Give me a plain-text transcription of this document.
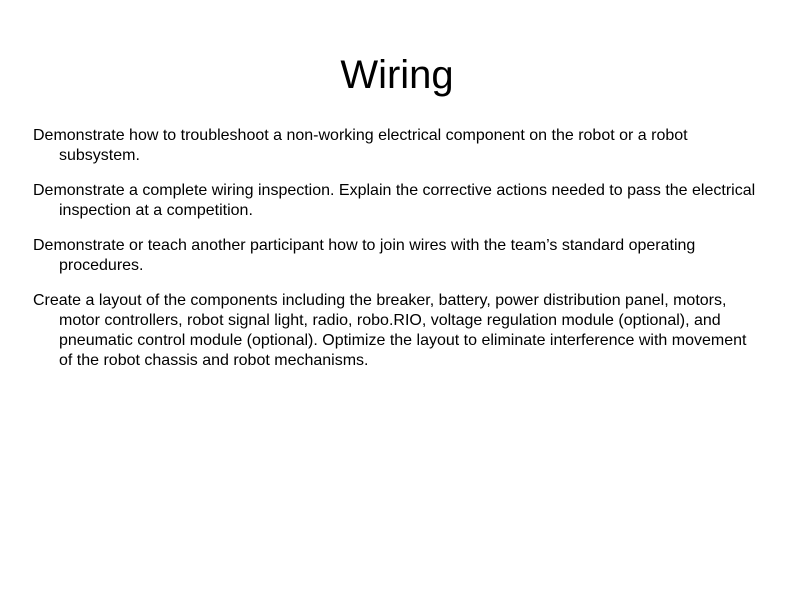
Wiring
Demonstrate how to troubleshoot a non-working electrical component on the robot or a robot subsystem.
Demonstrate a complete wiring inspection. Explain the corrective actions needed to pass the electrical inspection at a competition.
Demonstrate or teach another participant how to join wires with the team’s standard operating procedures.
Create a layout of the components including the breaker, battery, power distribution panel, motors, motor controllers, robot signal light, radio, robo.RIO, voltage regulation module (optional), and pneumatic control module (optional). Optimize the layout to eliminate interference with movement of the robot chassis and robot mechanisms.
